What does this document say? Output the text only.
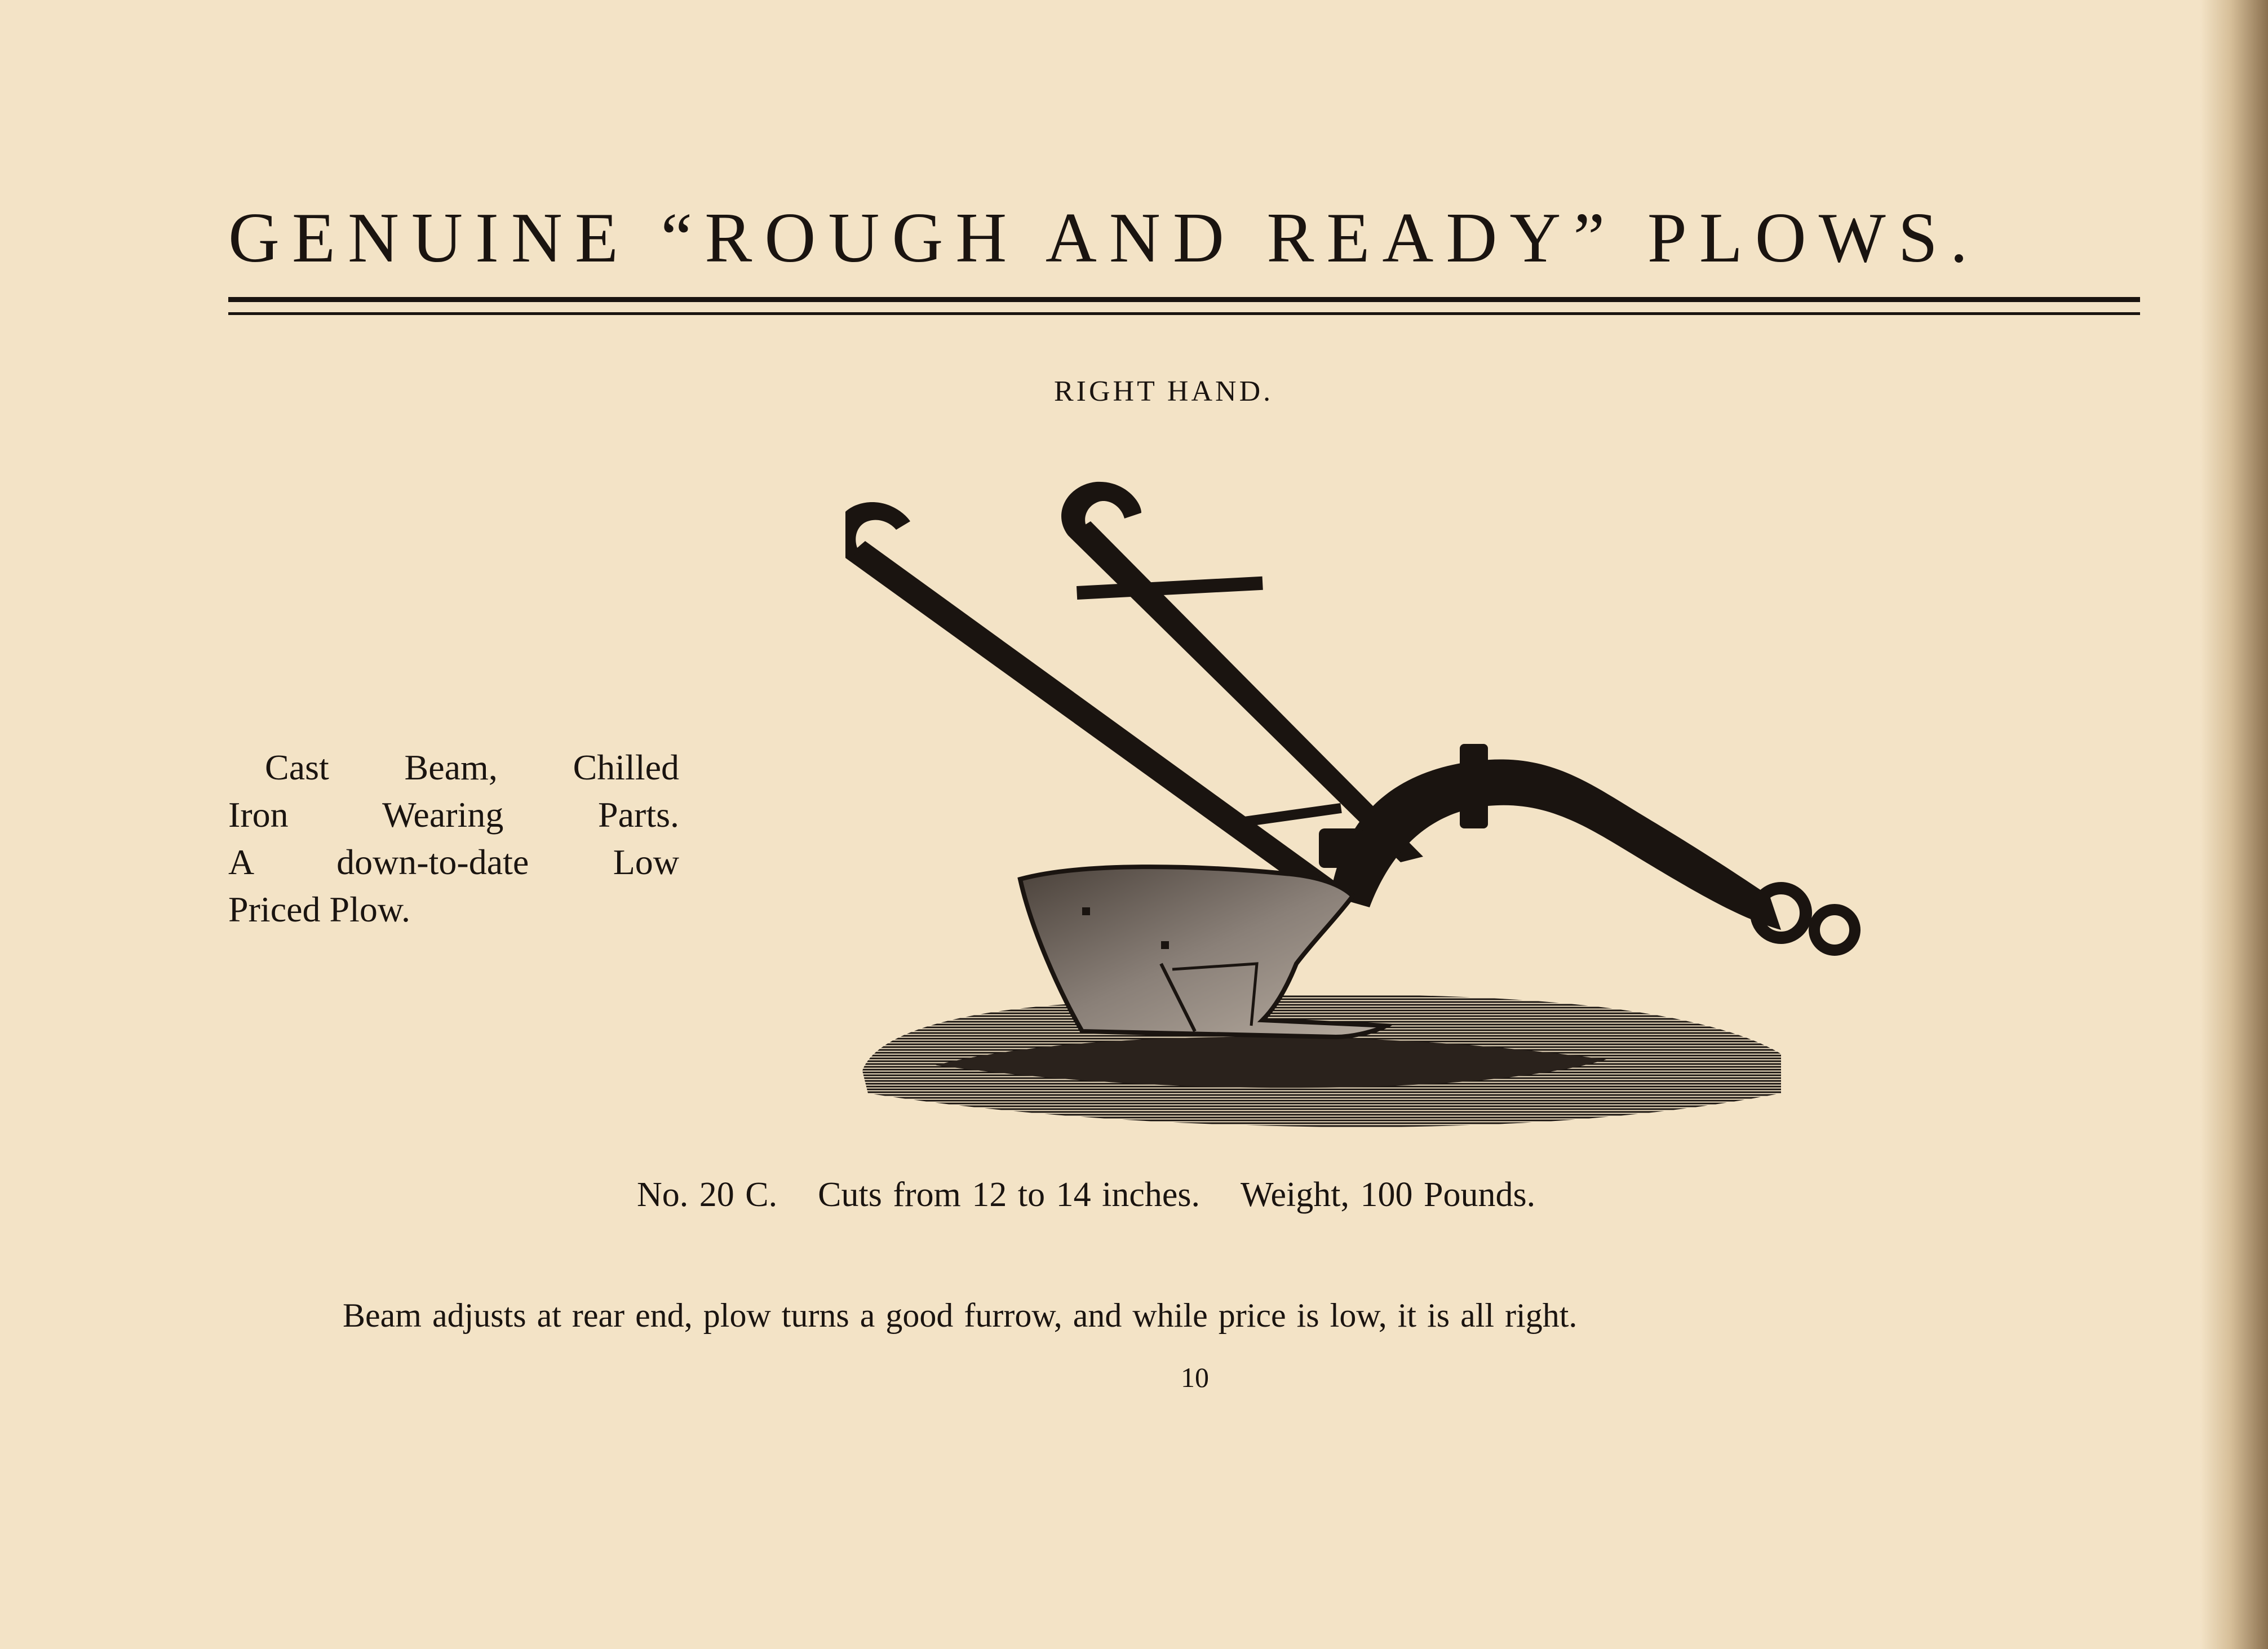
GENUINE “ROUGH AND READY” PLOWS.
RIGHT HAND.
Cast Beam, Chilled
Iron Wearing Parts.
A down-to-date Low
Priced Plow.
No. 20 C. Cuts from 12 to 14 inches. Weight, 100 Pounds.
Beam adjusts at rear end, plow turns a good furrow, and while price is low, it is all right.
10
